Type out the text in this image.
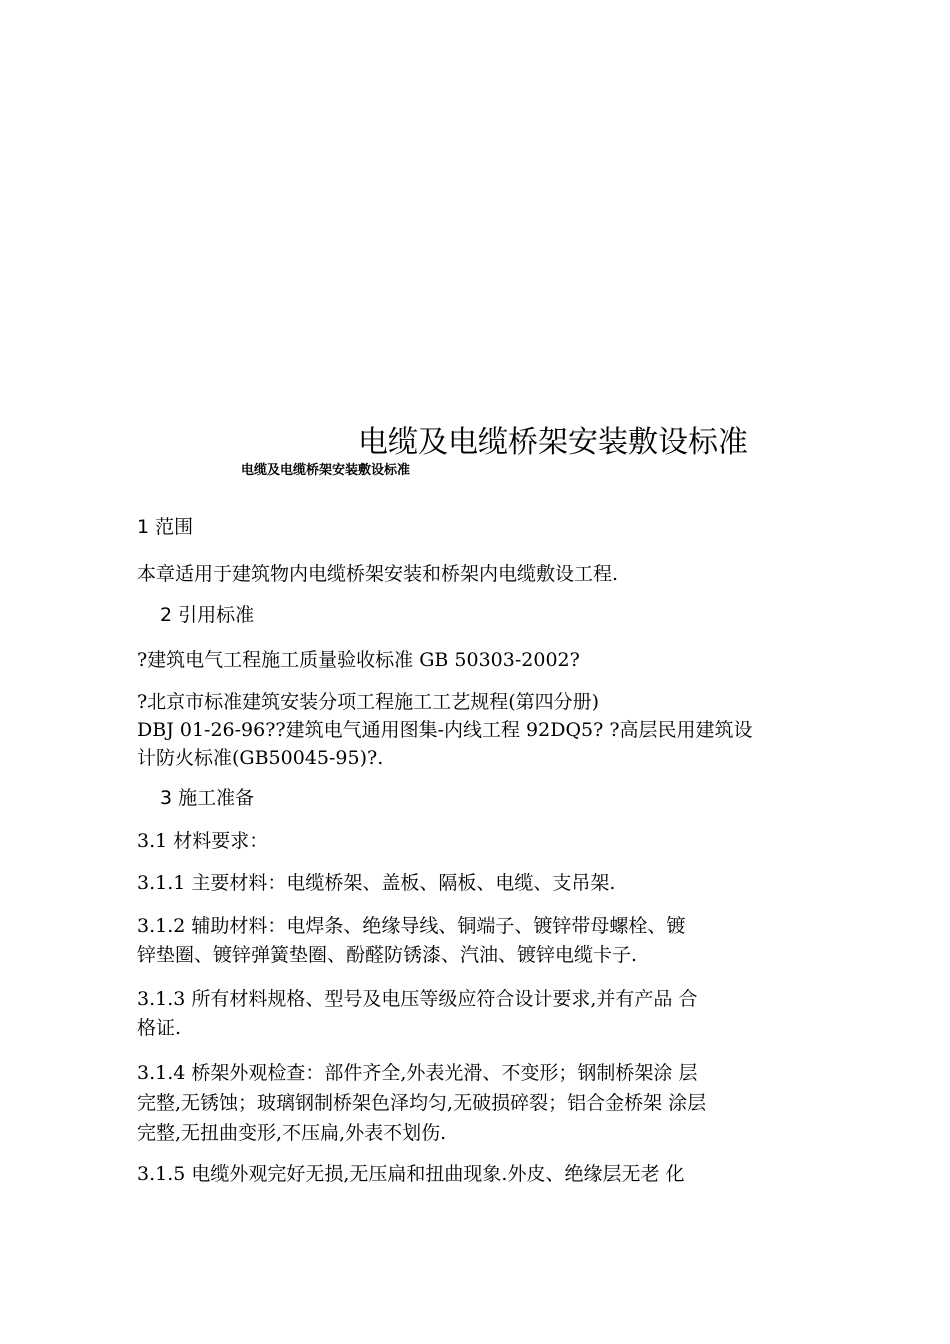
电缆及电缆桥架安装敷设标准
电缆及电缆桥架安装敷设标准
1 范围
本章适用于建筑物内电缆桥架安装和桥架内电缆敷设工程.
2 引用标准
?建筑电气工程施工质量验收标准 GB 50303-2002?
?北京市标准建筑安装分项工程施工工艺规程(第四分册)
DBJ 01-26-96??建筑电气通用图集-内线工程 92DQ5? ?高层民用建筑设
计防火标准(GB50045-95)?.
3 施工准备
3.1 材料要求：
3.1.1 主要材料：电缆桥架、盖板、隔板、电缆、支吊架.
3.1.2 辅助材料：电焊条、绝缘导线、铜端子、镀锌带母螺栓、镀
锌垫圈、镀锌弹簧垫圈、酚醛防锈漆、汽油、镀锌电缆卡子.
3.1.3 所有材料规格、型号及电压等级应符合设计要求,并有产品 合
格证.
3.1.4 桥架外观检查：部件齐全,外表光滑、不变形；钢制桥架涂 层
完整,无锈蚀；玻璃钢制桥架色泽均匀,无破损碎裂；铝合金桥架 涂层
完整,无扭曲变形,不压扁,外表不划伤.
3.1.5 电缆外观完好无损,无压扁和扭曲现象.外皮、绝缘层无老 化
